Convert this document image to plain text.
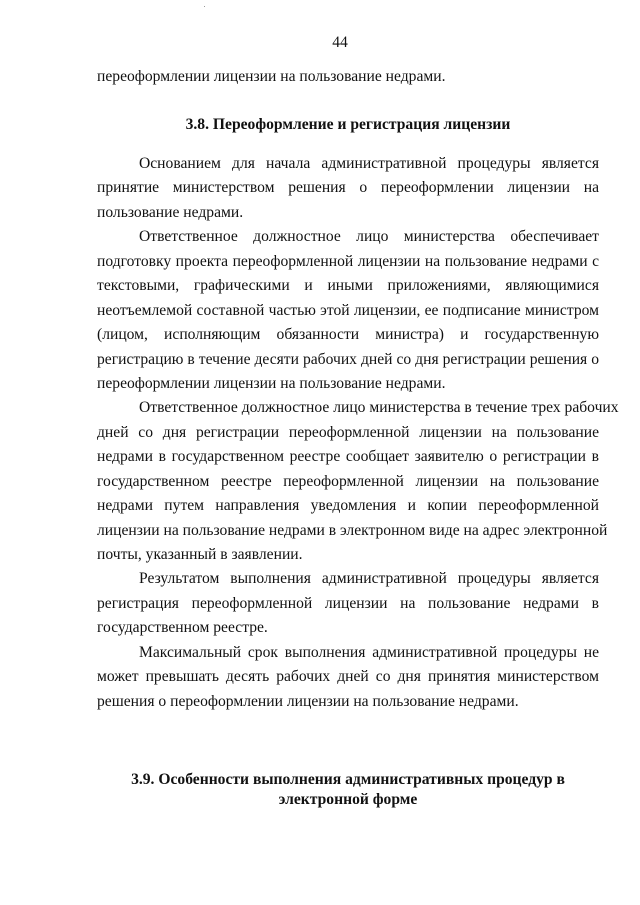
44
переоформлении лицензии на пользование недрами.
3.8. Переоформление и регистрация лицензии
Основанием для начала административной процедуры является
принятие министерством решения о переоформлении лицензии на
пользование недрами.
Ответственное должностное лицо министерства обеспечивает
подготовку проекта переоформленной лицензии на пользование недрами с
текстовыми, графическими и иными приложениями, являющимися
неотъемлемой составной частью этой лицензии, ее подписание министром
(лицом, исполняющим обязанности министра) и государственную
регистрацию в течение десяти рабочих дней со дня регистрации решения о
переоформлении лицензии на пользование недрами.
Ответственное должностное лицо министерства в течение трех рабочих
дней со дня регистрации переоформленной лицензии на пользование
недрами в государственном реестре сообщает заявителю о регистрации в
государственном реестре переоформленной лицензии на пользование
недрами путем направления уведомления и копии переоформленной
лицензии на пользование недрами в электронном виде на адрес электронной
почты, указанный в заявлении.
Результатом выполнения административной процедуры является
регистрация переоформленной лицензии на пользование недрами в
государственном реестре.
Максимальный срок выполнения административной процедуры не
может превышать десять рабочих дней со дня принятия министерством
решения о переоформлении лицензии на пользование недрами.
3.9. Особенности выполнения административных процедур в
электронной форме
